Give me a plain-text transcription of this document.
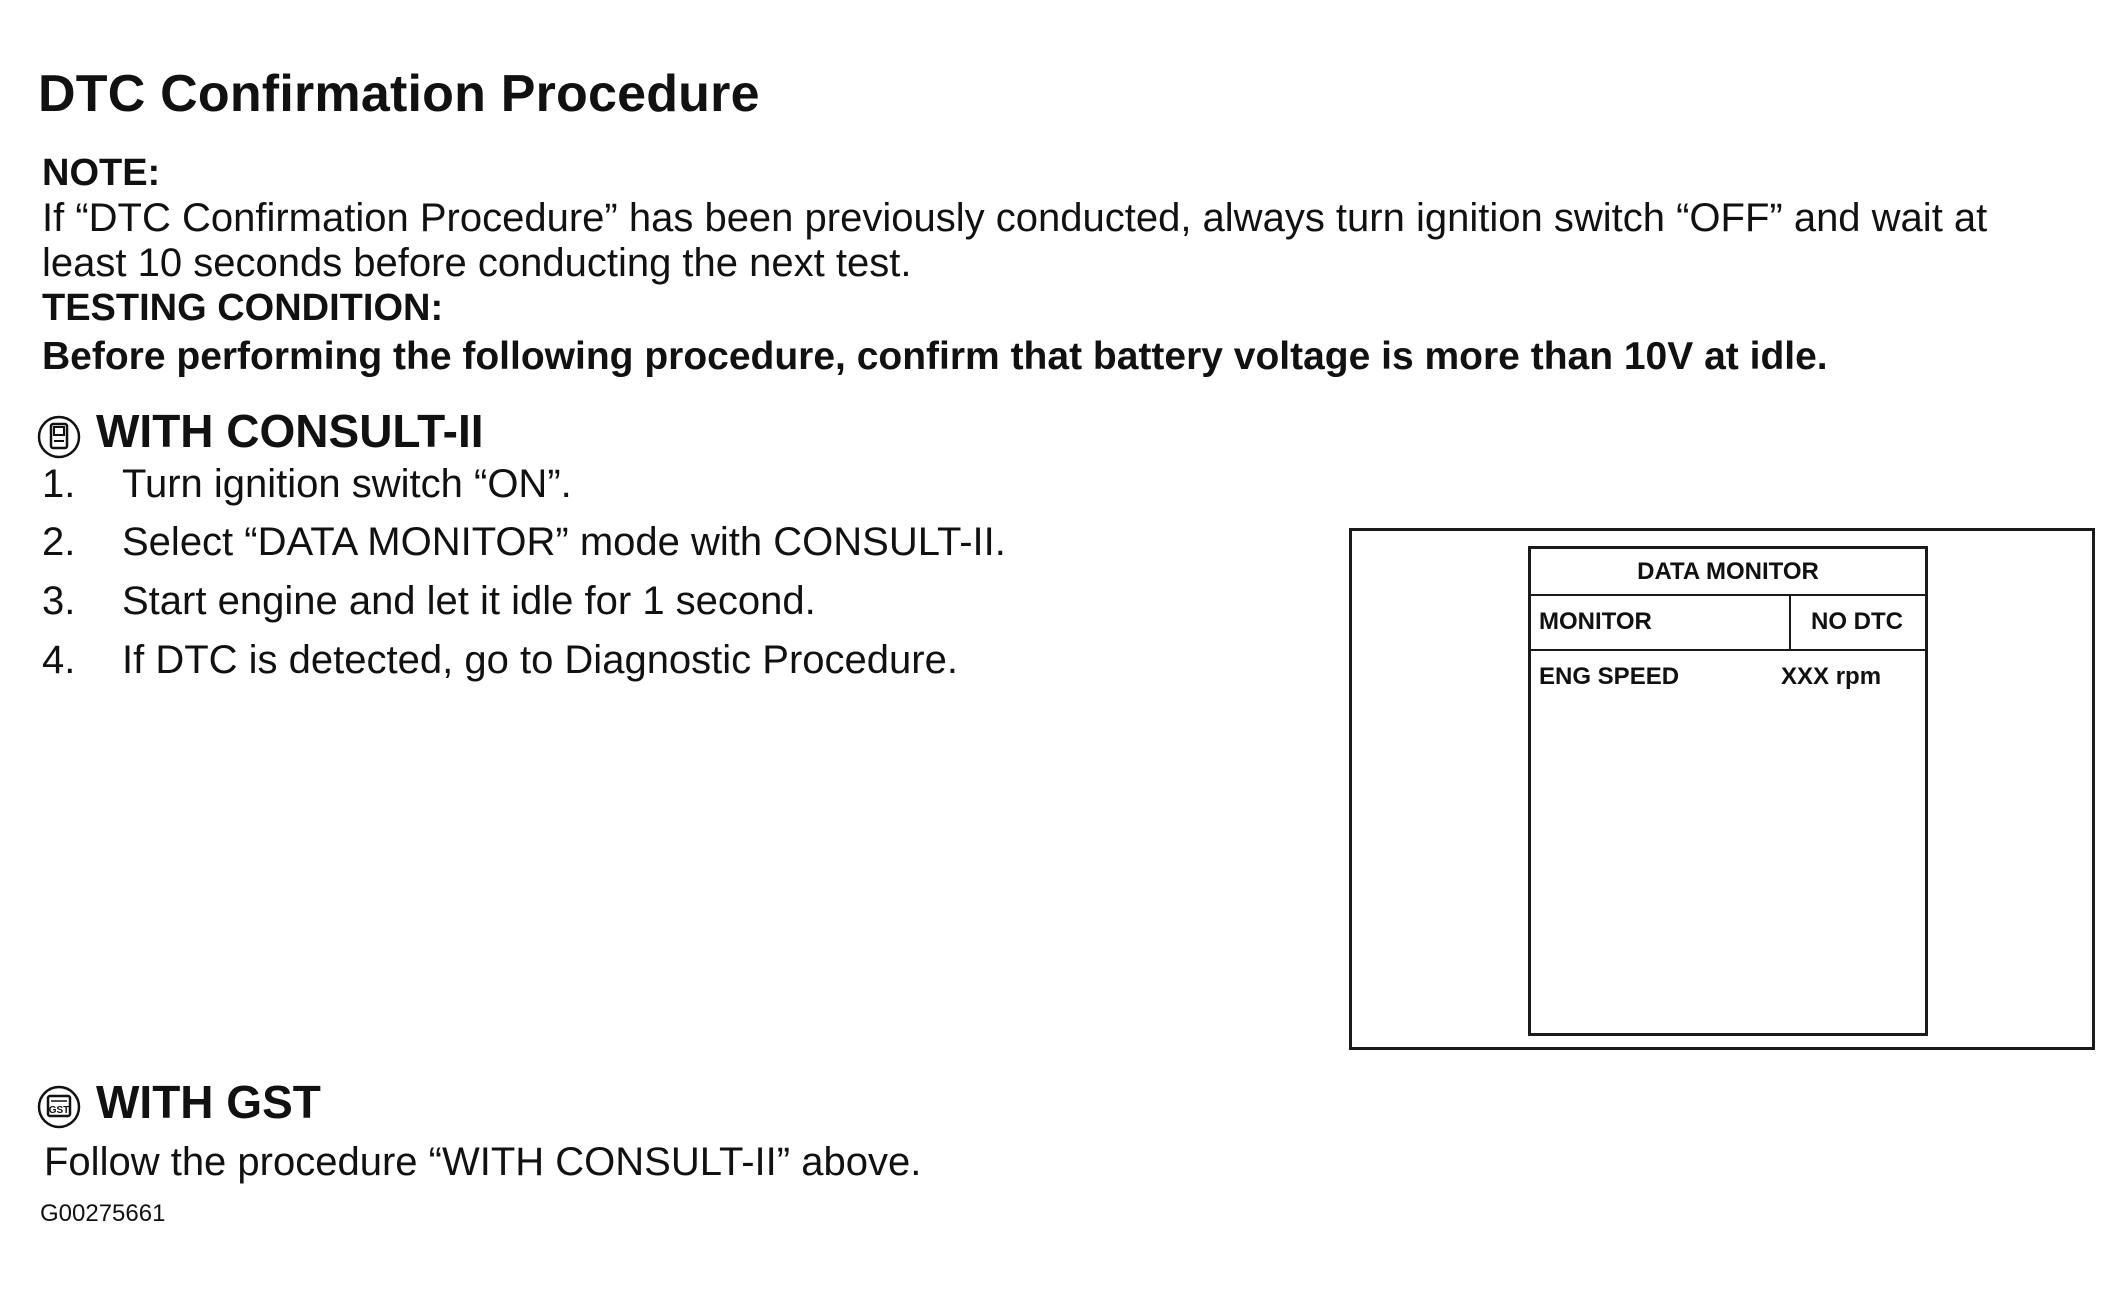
DTC Confirmation Procedure
NOTE:
If “DTC Confirmation Procedure” has been previously conducted, always turn ignition switch “OFF” and wait at
least 10 seconds before conducting the next test.
TESTING CONDITION:
Before performing the following procedure, confirm that battery voltage is more than 10V at idle.
WITH CONSULT-II
1. Turn ignition switch “ON”.
2. Select “DATA MONITOR” mode with CONSULT-II.
3. Start engine and let it idle for 1 second.
4. If DTC is detected, go to Diagnostic Procedure.
DATA MONITOR
MONITOR	NO DTC
ENG SPEED	XXX rpm
GST WITH GST
Follow the procedure “WITH CONSULT-II” above.
G00275661
